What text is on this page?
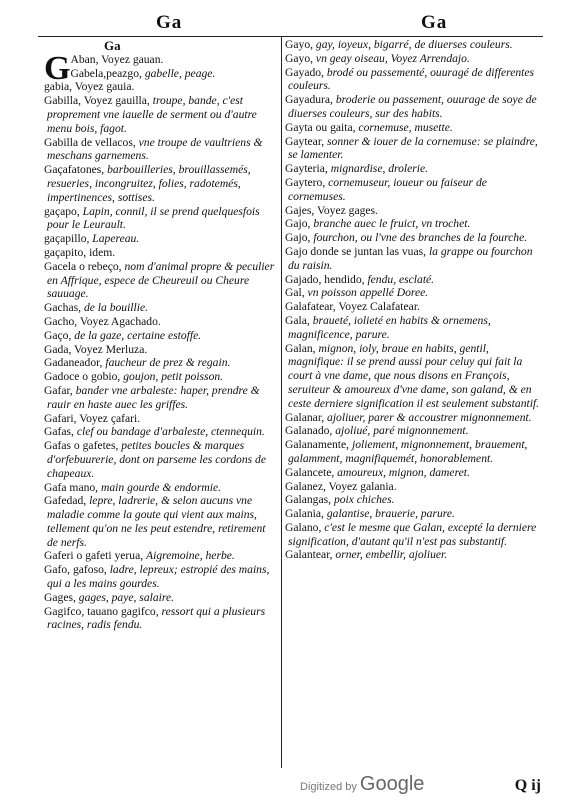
Ga	Ga
Ga
G Aban, Voyez gauan.

Gabela,peazgo, gabelle, peage.

gabia, Voyez gauia.

Gabilla, Voyez gauilla, troupe, bande, c'est proprement vne iauelle de serment ou d'autre menu bois, fagot.

Gabilla de vellacos, vne troupe de vaultriens & meschans garnemens.

Gaçafatones, barbouilleries, brouillassemés, resueries, incongruitez, folies, radotemés, impertinences, sottises.

gaçapo, Lapin, connil, il se prend quelquesfois pour le Leurault.

gaçapillo, Lapereau.

gaçapito, idem.

Gacela o rebeço, nom d'animal propre & peculier en Affrique, espece de Cheureuil ou Cheure sauuage.

Gachas, de la bouillie.

Gacho, Voyez Agachado.

Gaço, de la gaze, certaine estoffe.

Gada, Voyez Merluza.

Gadaneador, faucheur de prez & regain.

Gadoce o gobio, goujon, petit poisson.

Gafar, bander vne arbaleste: haper, prendre & rauir en haste auec les griffes.

Gafari, Voyez çafari.

Gafas, clef ou bandage d'arbaleste, ctennequin.

Gafas o gafetes, petites boucles & marques d'orfebuurerie, dont on parseme les cordons de chapeaux.

Gafa mano, main gourde & endormie.

Gafedad, lepre, ladrerie, & selon aucuns vne maladie comme la goute qui vient aux mains, tellement qu'on ne les peut estendre, retirement de nerfs.

Gaferi o gafeti yerua, Aigremoine, herbe.

Gafo, gafoso, ladre, lepreux; estropié des mains, qui a les mains gourdes.

Gages, gages, paye, salaire.

Gagifco, tauano gagifco, ressort qui a plusieurs racines, radis fendu.

Gayo, gay, ioyeux, bigarré, de diuerses couleurs.

Gayo, vn geay oiseau, Voyez Arrendajo.

Gayado, brodé ou passementé, ouuragé de differentes couleurs.

Gayadura, broderie ou passement, ouurage de soye de diuerses couleurs, sur des habits.

Gayta ou gaita, cornemuse, musette.

Gaytear, sonner & iouer de la cornemuse: se plaindre, se lamenter.

Gayteria, mignardise, drolerie.

Gaytero, cornemuseur, ioueur ou faiseur de cornemuses.

Gajes, Voyez gages.

Gajo, branche auec le fruict, vn trochet.

Gajo, fourchon, ou l'vne des branches de la fourche.

Gajo donde se juntan las vuas, la grappe ou fourchon du raisin.

Gajado, hendido, fendu, esclaté.

Gal, vn poisson appellé Doree.

Galafatear, Voyez Calafatear.

Gala, braueté, iolieté en habits & ornemens, magnificence, parure.

Galan, mignon, ioly, braue en habits, gentil, magnifique: il se prend aussi pour celuy qui fait la court à vne dame, que nous disons en François, seruiteur & amoureux d'vne dame, son galand, & en ceste derniere signification il est seulement substantif.

Galanar, ajoliuer, parer & accoustrer mignonnement.

Galanado, ajoliué, paré mignonnement.

Galanamente, joliement, mignonnement, brauement, galamment, magnifiquemét, honorablement.

Galancete, amoureux, mignon, dameret.

Galanez, Voyez galania.

Galangas, poix chiches.

Galania, galantise, brauerie, parure.

Galano, c'est le mesme que Galan, excepté la derniere signification, d'autant qu'il n'est pas substantif.

Galantear, orner, embellir, ajoliuer.

Digitized by Google	Q ij
